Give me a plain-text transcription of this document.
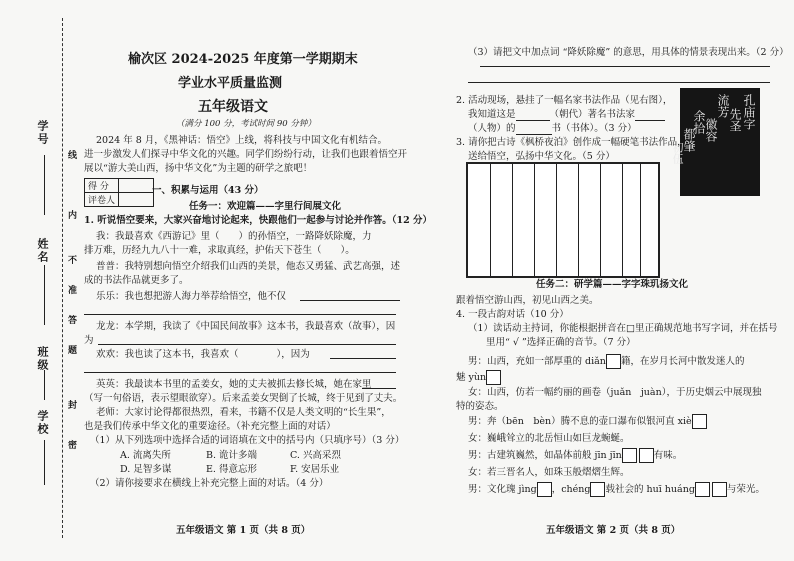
学号
姓名
班级
学校
线
内
不
准
答
题
封
密
榆次区 2024-2025 年度第一学期期末
学业水平质量监测
五年级语文
（满分 100 分，考试时间 90 分钟）
2024 年 8 月，《黑神话：悟空》上线，将科技与中国文化有机结合。
进一步激发人们探寻中华文化的兴趣。同学们纷纷行动，让我们也跟着悟空开
展以“游大美山西，扬中华文化”为主题的研学之旅吧！
得 分	
评卷人	
一、积累与运用（43 分）
任务一：欢迎篇——字里行间展文化
1. 听说悟空要来，大家兴奋地讨论起来，快跟他们一起参与讨论并作答。（12 分）
我：我最喜欢《西游记》里（　　）的孙悟空，一路降妖除魔，力
排万难，历经九九八十一难，求取真经，护佑天下苍生（　　）。
普普：我特别想向悟空介绍我们山西的美景，他态又勇猛、武艺高强，述
成的书法作品就更多了。
乐乐：我也想把游人海力举荐给悟空，他不仅
龙龙：本学期，我读了《中国民间故事》这本书，我最喜欢（故事），因
为
欢欢：我也读了这本书，我喜欢（　　　　），因为
英英：我最读本书里的孟姜女，她的丈夫被抓去修长城，她在家里
（写一句俗语，表示望眼欲穿）。后来孟姜女哭倒了长城，终于见到了丈夫。
老师：大家讨论得都很热烈，看来，书籍不仅是人类文明的“长生果”，
也是我们传承中华文化的重要途径。（补充完整上面的对话）
（1）从下列选项中选择合适的词语填在文中的括号内（只填序号）（3 分）
A. 流离失所	B. 诡计多端	C. 兴高采烈
D. 足智多谋	E. 得意忘形	F. 安居乐业
（2）请你接要求在横线上补充完整上面的对话。（4 分）
五年级语文 第 1 页（共 8 页）
（3）请把文中加点词 “降妖除魔” 的意思，用具体的情景表现出来。（2 分）
2. 活动现场，悬挂了一幅名家书法作品（见右图），
我知道这是	（朝代）著名书法家
（人物）的	书（书体）。（3 分）	孔庙字
先圣
流芳
徽容
余拾
都肇
初伍
3. 请你把古诗《枫桥夜泊》创作成一幅硬笔书法作品，
送给悟空，弘扬中华文化。（5 分）
任务二：研学篇——字字珠玑扬文化
跟着悟空游山西，初见山西之美。
4. 一段古韵对话（10 分）
（1）读话动主持词，你能根据拼音在□里正确规范地书写字词，并在括号
里用“ √ ”选择正确的音节。（7 分）
男：山西，充如一部厚重的 diǎn 籍，在岁月长河中散发迷人的
魅 yùn
女：山西，仿若一幅约丽的画卷（juǎn　juàn），于历史烟云中展现独
特的姿态。
男：奔（bēn　bèn）腾不息的壶口瀑布似银河直 xiè
女：巍峨耸立的北岳恒山如巨龙蜿蜒。
男：古建筑巍然，如晶体前般 jīn jīn	有味。
女：若三晋名人，如珠玉般熠熠生辉。
男：文化瑰 jìng ，chéng 载社会的 huī huáng	与荣光。
五年级语文 第 2 页（共 8 页）
